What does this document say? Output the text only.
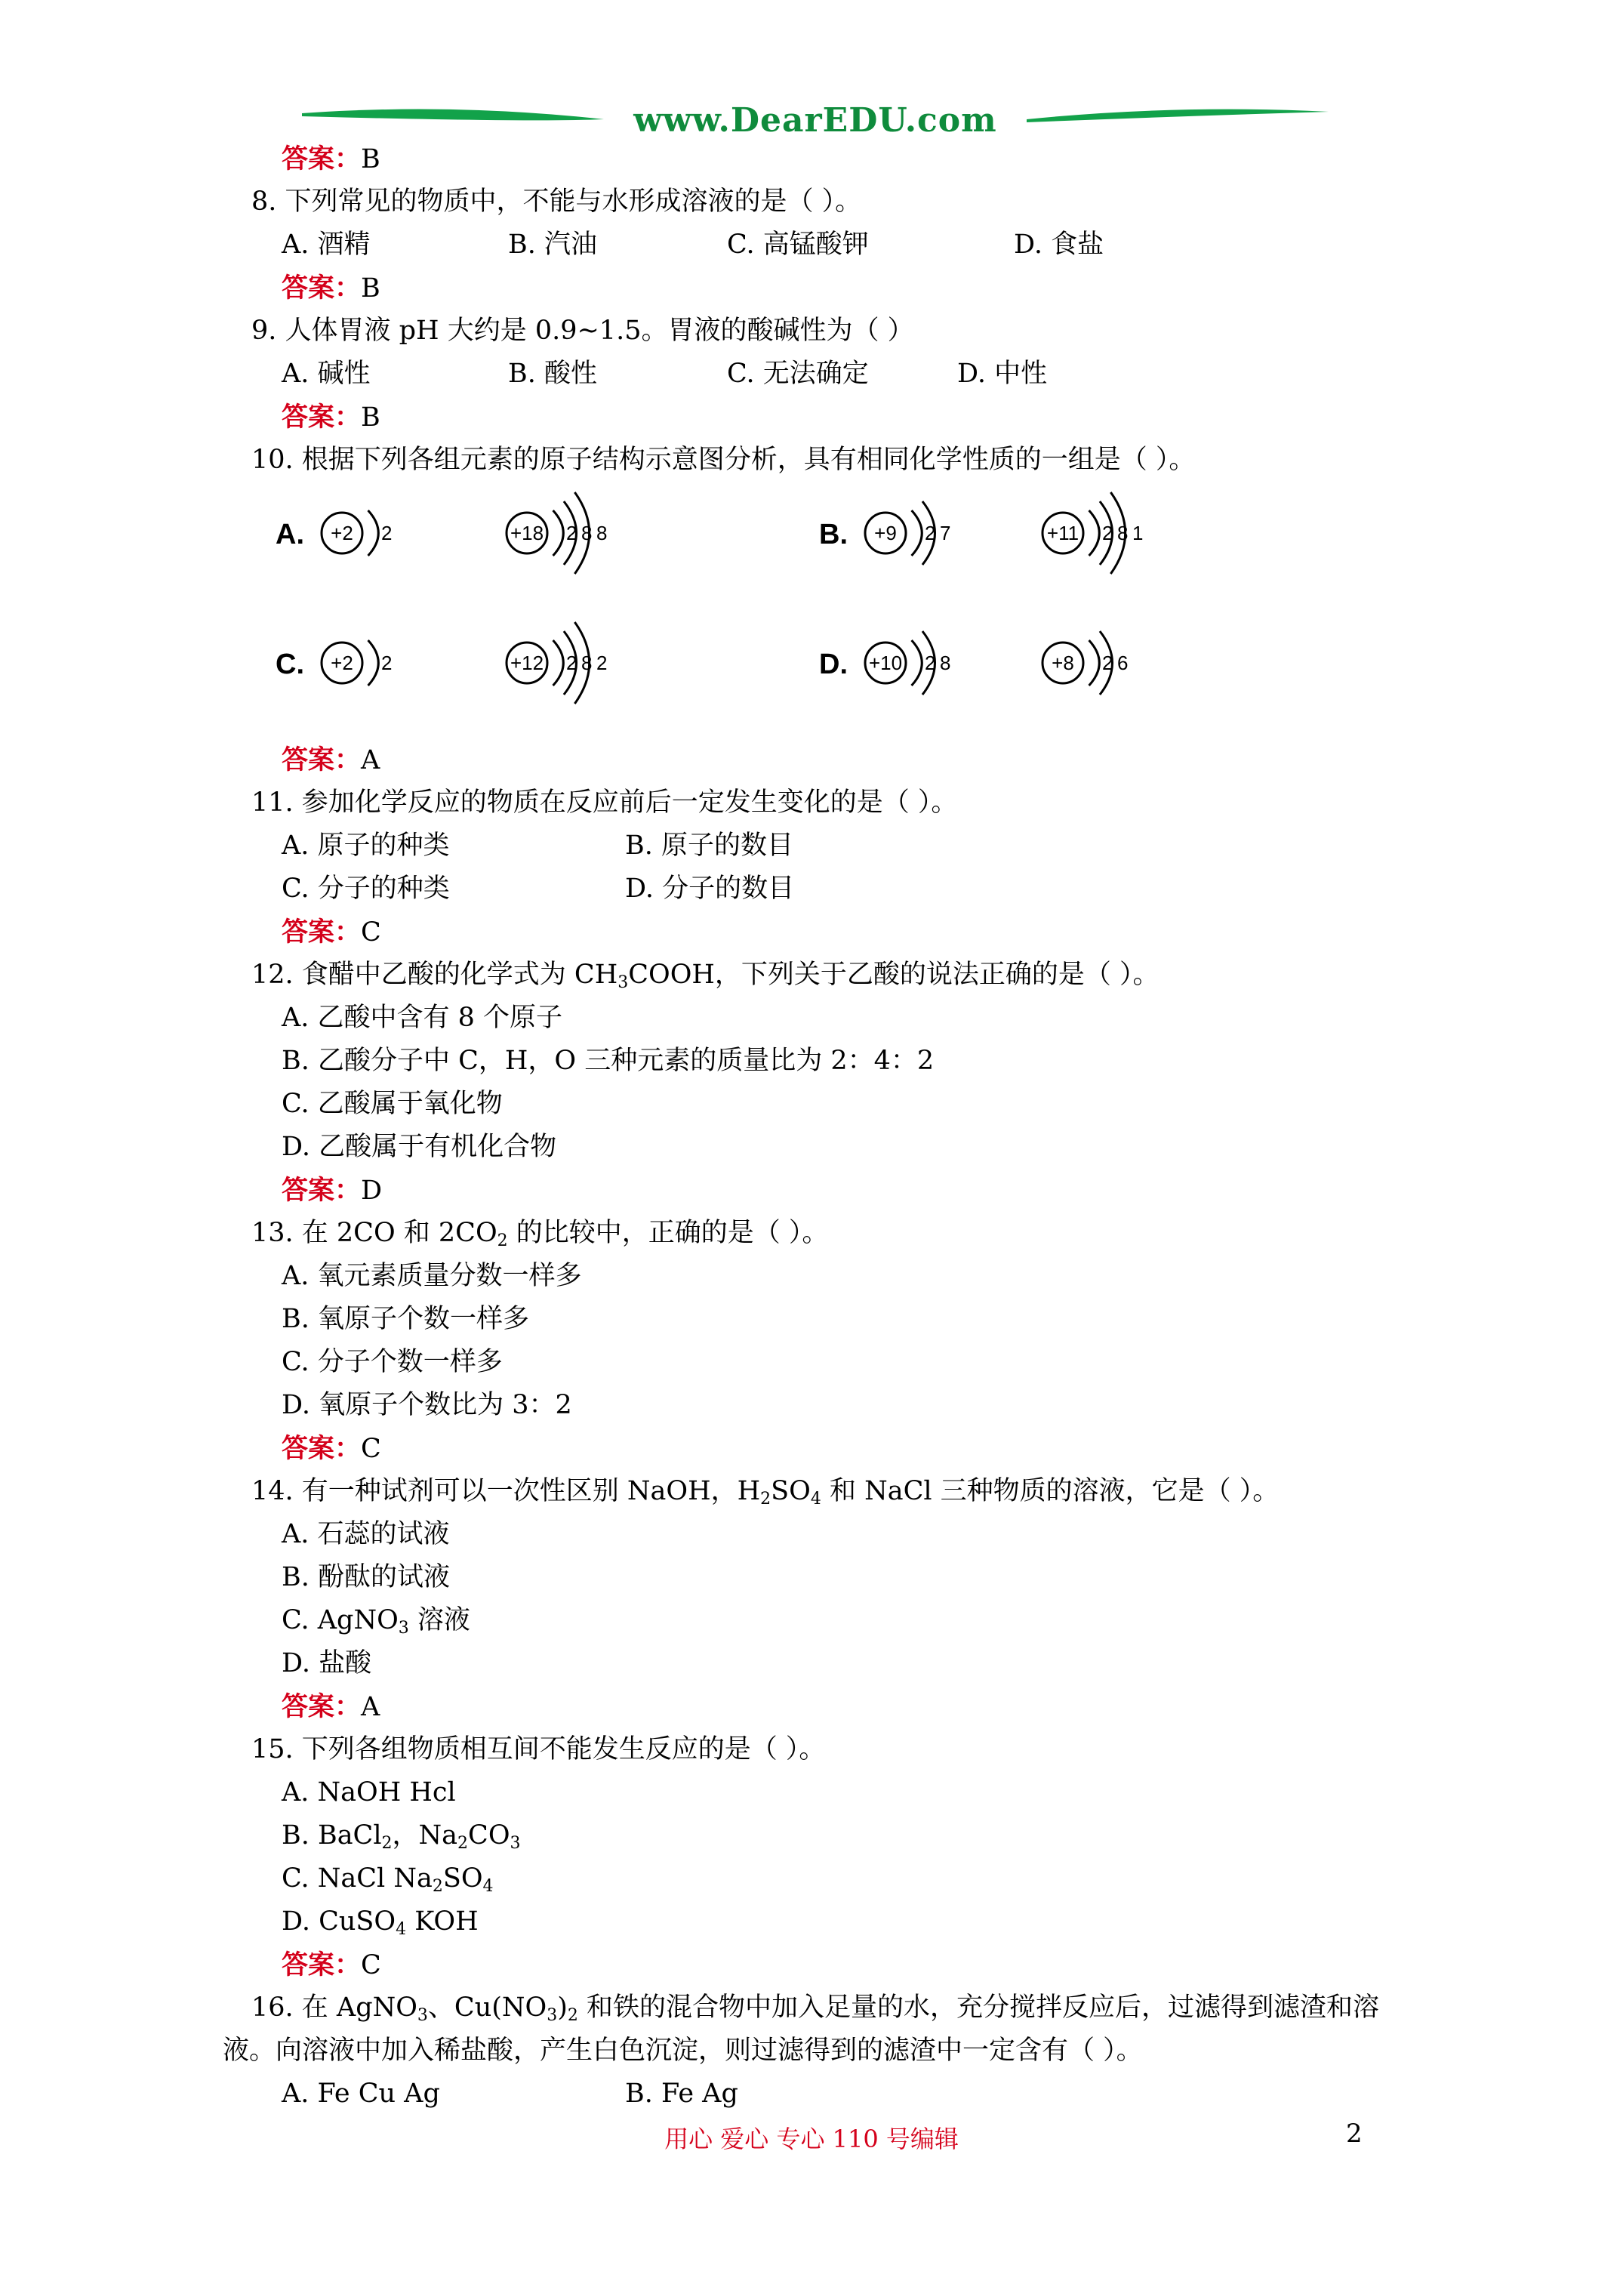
www.DearEDU.com
答案：B
8. 下列常见的物质中，不能与水形成溶液的是（ ）。
A. 酒精	B. 汽油	C. 高锰酸钾	D. 食盐
答案：B
9. 人体胃液 pH 大约是 0.9~1.5。胃液的酸碱性为（ ）
A. 碱性	B. 酸性	C. 无法确定	D. 中性
答案：B
10. 根据下列各组元素的原子结构示意图分析，具有相同化学性质的一组是（ ）。
A. +2 2	+18 2 8 8	B. +9 2 7	+11 2 8 1
C. +2 2	+12 2 8 2	D. +10 2 8	+8 2 6
答案：A
11. 参加化学反应的物质在反应前后一定发生变化的是（ ）。
A. 原子的种类	B. 原子的数目
C. 分子的种类	D. 分子的数目
答案：C
12. 食醋中乙酸的化学式为 $CH_3COOH$，下列关于乙酸的说法正确的是（ ）。
A. 乙酸中含有 8 个原子
B. 乙酸分子中 C，H，O 三种元素的质量比为 2：4：2
C. 乙酸属于氧化物
D. 乙酸属于有机化合物
答案：D
13. 在 2CO 和 $2CO_2$ 的比较中，正确的是（ ）。
A. 氧元素质量分数一样多
B. 氧原子个数一样多
C. 分子个数一样多
D. 氧原子个数比为 3：2
答案：C
14. 有一种试剂可以一次性区别 NaOH，$H_2SO_4$ 和 NaCl 三种物质的溶液，它是（ ）。
A. 石蕊的试液
B. 酚酞的试液
C. AgNO$_3$ 溶液
D. 盐酸
答案：A
15. 下列各组物质相互间不能发生反应的是（ ）。
A. NaOH Hcl
B. BaCl$_2$，$Na_2CO_3$
C. NaCl $Na_2SO_4$
D. CuSO$_4$ KOH
答案：C
16. 在 AgNO$_3$、$Cu(NO_3)_2$ 和铁的混合物中加入足量的水，充分搅拌反应后，过滤得到滤渣和溶
液。向溶液中加入稀盐酸，产生白色沉淀，则过滤得到的滤渣中一定含有（ ）。
A. Fe Cu Ag	B. Fe Ag
用心 爱心 专心 110 号编辑	2
